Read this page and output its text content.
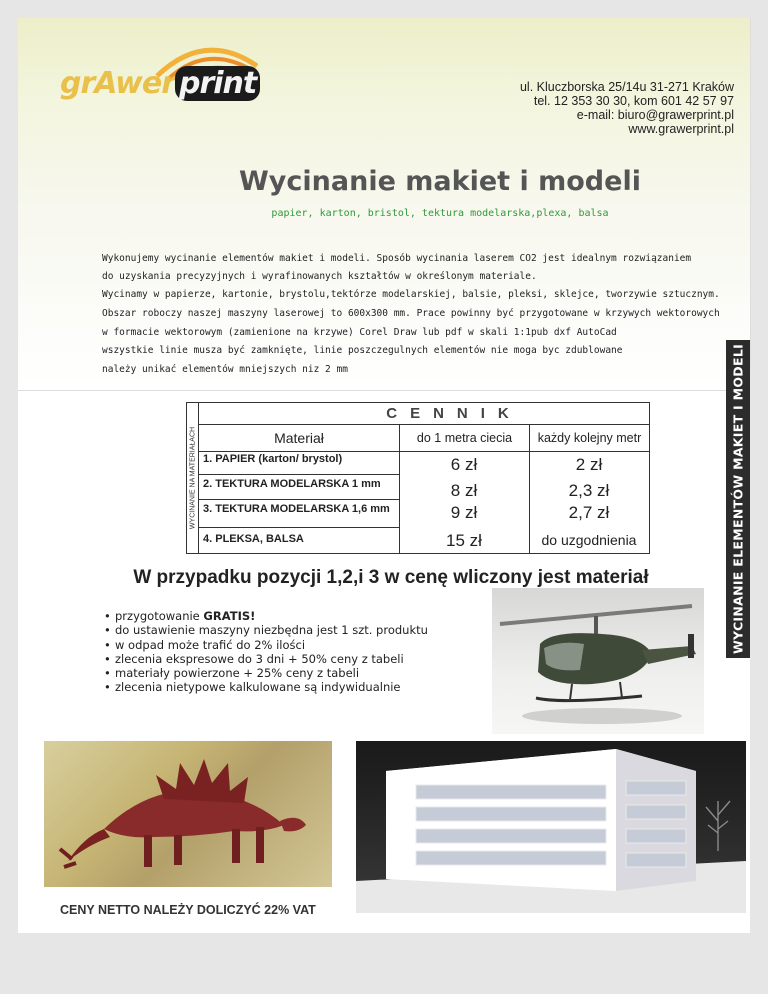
grAwer print	ul. Kluczborska 25/14u 31-271 Kraków
tel. 12 353 30 30, kom 601 42 57 97
e-mail: biuro@grawerprint.pl
www.grawerprint.pl
Wycinanie makiet i modeli
papier, karton, bristol, tektura modelarska,plexa, balsa

Wykonujemy wycinanie elementów makiet i modeli. Sposób wycinania laserem CO2 jest idealnym rozwiązaniem

do uzyskania precyzyjnych i wyrafinowanych kształtów w określonym materiale.

Wycinamy w papierze, kartonie, brystolu,tektórze modelarskiej, balsie, pleksi, sklejce, tworzywie sztucznym.

Obszar roboczy naszej maszyny laserowej to 600x300 mm. Prace powinny być przygotowane w krzywych wektorowych

w formacie wektorowym (zamienione na krzywe) Corel Draw lub pdf w skali 1:1pub dxf AutoCad

wszystkie linie musza być zamknięte, linie poszczegulnych elementów nie moga byc zdublowane

należy unikać elementów mniejszych niz 2 mm	WYCINANIE ELEMENTÓW MAKIET I MODELI
WYCINANIE NA MATERIAŁACH
CENNIK
Materiał	do 1 metra ciecia	każdy kolejny metr
1. PAPIER (karton/ brystol)	6 zł	2 zł
2. TEKTURA MODELARSKA 1 mm	8 zł	2,3 zł
3. TEKTURA MODELARSKA 1,6 mm	9 zł	2,7 zł
4. PLEKSA, BALSA	15 zł	do uzgodnienia
W przypadku pozycji 1,2,i 3 w cenę wliczony jest materiał
• przygotowanie GRATIS!
• do ustawienie maszyny niezbędna jest 1 szt. produktu
• w odpad może trafić do 2% ilości
• zlecenia ekspresowe do 3 dni + 50% ceny z tabeli
• materiały powierzone + 25% ceny z tabeli
• zlecenia nietypowe kalkulowane są indywidualnie
CENY NETTO NALEŻY DOLICZYĆ 22% VAT
